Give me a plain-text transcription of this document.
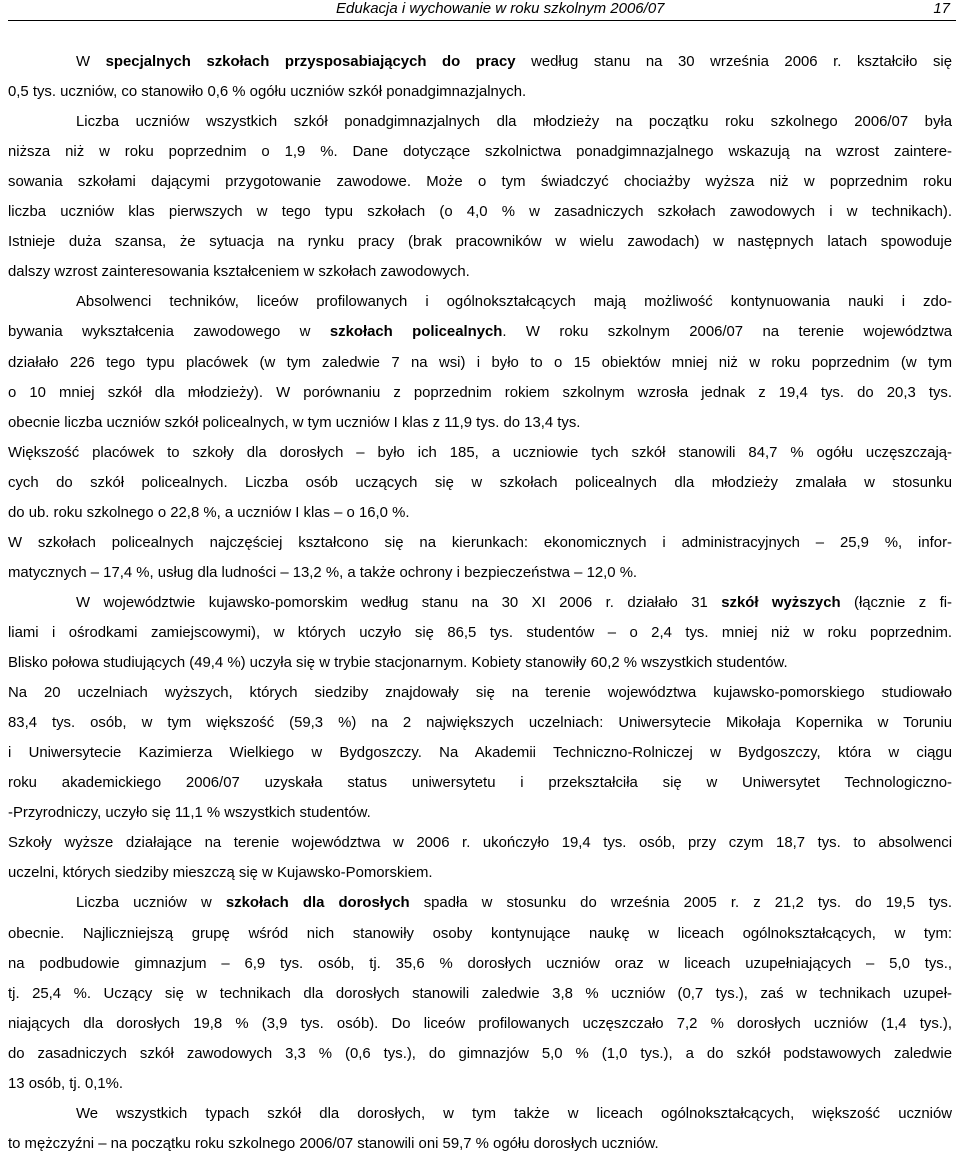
Edukacja i wychowanie w roku szkolnym 2006/07	17
W specjalnych szkołach przysposabiających do pracy według stanu na 30 września 2006 r. kształciło się
0,5 tys. uczniów, co stanowiło 0,6 % ogółu uczniów szkół ponadgimnazjalnych.
Liczba uczniów wszystkich szkół ponadgimnazjalnych dla młodzieży na początku roku szkolnego 2006/07 była
niższa niż w roku poprzednim o 1,9 %. Dane dotyczące szkolnictwa ponadgimnazjalnego wskazują na wzrost zaintere-
sowania szkołami dającymi przygotowanie zawodowe. Może o tym świadczyć chociażby wyższa niż w poprzednim roku
liczba uczniów klas pierwszych w tego typu szkołach (o 4,0 % w zasadniczych szkołach zawodowych i w technikach).
Istnieje duża szansa, że sytuacja na rynku pracy (brak pracowników w wielu zawodach) w następnych latach spowoduje
dalszy wzrost zainteresowania kształceniem w szkołach zawodowych.
Absolwenci techników, liceów profilowanych i ogólnokształcących mają możliwość kontynuowania nauki i zdo-
bywania wykształcenia zawodowego w szkołach policealnych. W roku szkolnym 2006/07 na terenie województwa
działało 226 tego typu placówek (w tym zaledwie 7 na wsi) i było to o 15 obiektów mniej niż w roku poprzednim (w tym
o 10 mniej szkół dla młodzieży). W porównaniu z poprzednim rokiem szkolnym wzrosła jednak z 19,4 tys. do 20,3 tys.
obecnie liczba uczniów szkół policealnych, w tym uczniów I klas z 11,9 tys. do 13,4 tys.
Większość placówek to szkoły dla dorosłych – było ich 185, a uczniowie tych szkół stanowili 84,7 % ogółu uczęszczają-
cych do szkół policealnych. Liczba osób uczących się w szkołach policealnych dla młodzieży zmalała w stosunku
do ub. roku szkolnego o 22,8 %, a uczniów I klas – o 16,0 %.
W szkołach policealnych najczęściej kształcono się na kierunkach: ekonomicznych i administracyjnych – 25,9 %, infor-
matycznych – 17,4 %, usług dla ludności – 13,2 %, a także ochrony i bezpieczeństwa – 12,0 %.
W województwie kujawsko-pomorskim według stanu na 30 XI 2006 r. działało 31 szkół wyższych (łącznie z fi-
liami i ośrodkami zamiejscowymi), w których uczyło się 86,5 tys. studentów – o 2,4 tys. mniej niż w roku poprzednim.
Blisko połowa studiujących (49,4 %) uczyła się w trybie stacjonarnym. Kobiety stanowiły 60,2 % wszystkich studentów.
Na 20 uczelniach wyższych, których siedziby znajdowały się na terenie województwa kujawsko-pomorskiego studiowało
83,4 tys. osób, w tym większość (59,3 %) na 2 największych uczelniach: Uniwersytecie Mikołaja Kopernika w Toruniu
i Uniwersytecie Kazimierza Wielkiego w Bydgoszczy. Na Akademii Techniczno-Rolniczej w Bydgoszczy, która w ciągu
roku akademickiego 2006/07 uzyskała status uniwersytetu i przekształciła się w Uniwersytet Technologiczno-
-Przyrodniczy, uczyło się 11,1 % wszystkich studentów.
Szkoły wyższe działające na terenie województwa w 2006 r. ukończyło 19,4 tys. osób, przy czym 18,7 tys. to absolwenci
uczelni, których siedziby mieszczą się w Kujawsko-Pomorskiem.
Liczba uczniów w szkołach dla dorosłych spadła w stosunku do września 2005 r. z 21,2 tys. do 19,5 tys.
obecnie. Najliczniejszą grupę wśród nich stanowiły osoby kontynujące naukę w liceach ogólnokształcących, w tym:
na podbudowie gimnazjum – 6,9 tys. osób, tj. 35,6 % dorosłych uczniów oraz w liceach uzupełniających – 5,0 tys.,
tj. 25,4 %. Uczący się w technikach dla dorosłych stanowili zaledwie 3,8 % uczniów (0,7 tys.), zaś w technikach uzupeł-
niających dla dorosłych 19,8 % (3,9 tys. osób). Do liceów profilowanych uczęszczało 7,2 % dorosłych uczniów (1,4 tys.),
do zasadniczych szkół zawodowych 3,3 % (0,6 tys.), do gimnazjów 5,0 % (1,0 tys.), a do szkół podstawowych zaledwie
13 osób, tj. 0,1%.
We wszystkich typach szkół dla dorosłych, w tym także w liceach ogólnokształcących, większość uczniów
to mężczyźni – na początku roku szkolnego 2006/07 stanowili oni 59,7 % ogółu dorosłych uczniów.
